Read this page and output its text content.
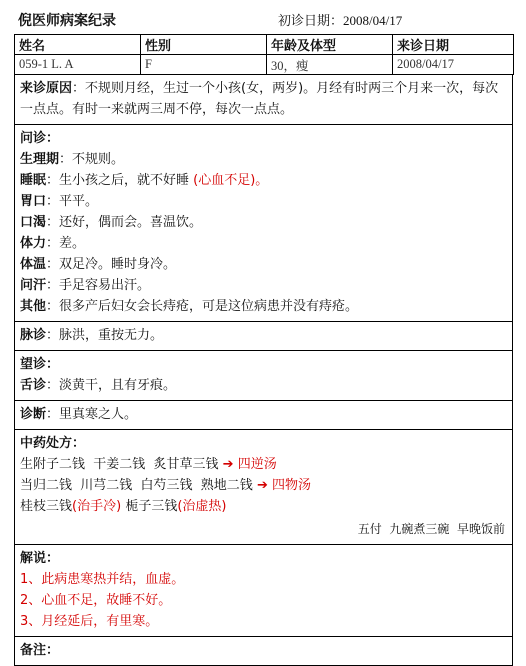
倪医师病案纪录	初诊日期：2008/04/17
姓名	性别	年龄及体型	来诊日期
059-1 L. A	F	30，瘦	2008/04/17
来诊原因：不规则月经，生过一个小孩(女，两岁)。月经有时两三个月来一次，每次一点点。有时一来就两三周不停，每次一点点。
问诊：
生理期：不规则。
睡眠：生小孩之后，就不好睡 (心血不足)。
胃口：平平。
口渴：还好，偶而会。喜温饮。
体力：差。
体温：双足冷。睡时身冷。
问汗：手足容易出汗。
其他：很多产后妇女会长痔疮，可是这位病患并没有痔疮。
脉诊：脉洪，重按无力。
望诊：
舌诊：淡黄干，且有牙痕。
诊断：里真寒之人。
中药处方：
生附子二钱  干姜二钱  炙甘草三钱 ➔ 四逆汤
当归二钱  川芎二钱  白芍三钱  熟地二钱 ➔ 四物汤
桂枝三钱(治手冷) 栀子三钱(治虚热)
五付  九碗煮三碗  早晚饭前
解说：
1、此病患寒热并结，血虚。
2、心血不足，故睡不好。
3、月经延后，有里寒。
备注：
